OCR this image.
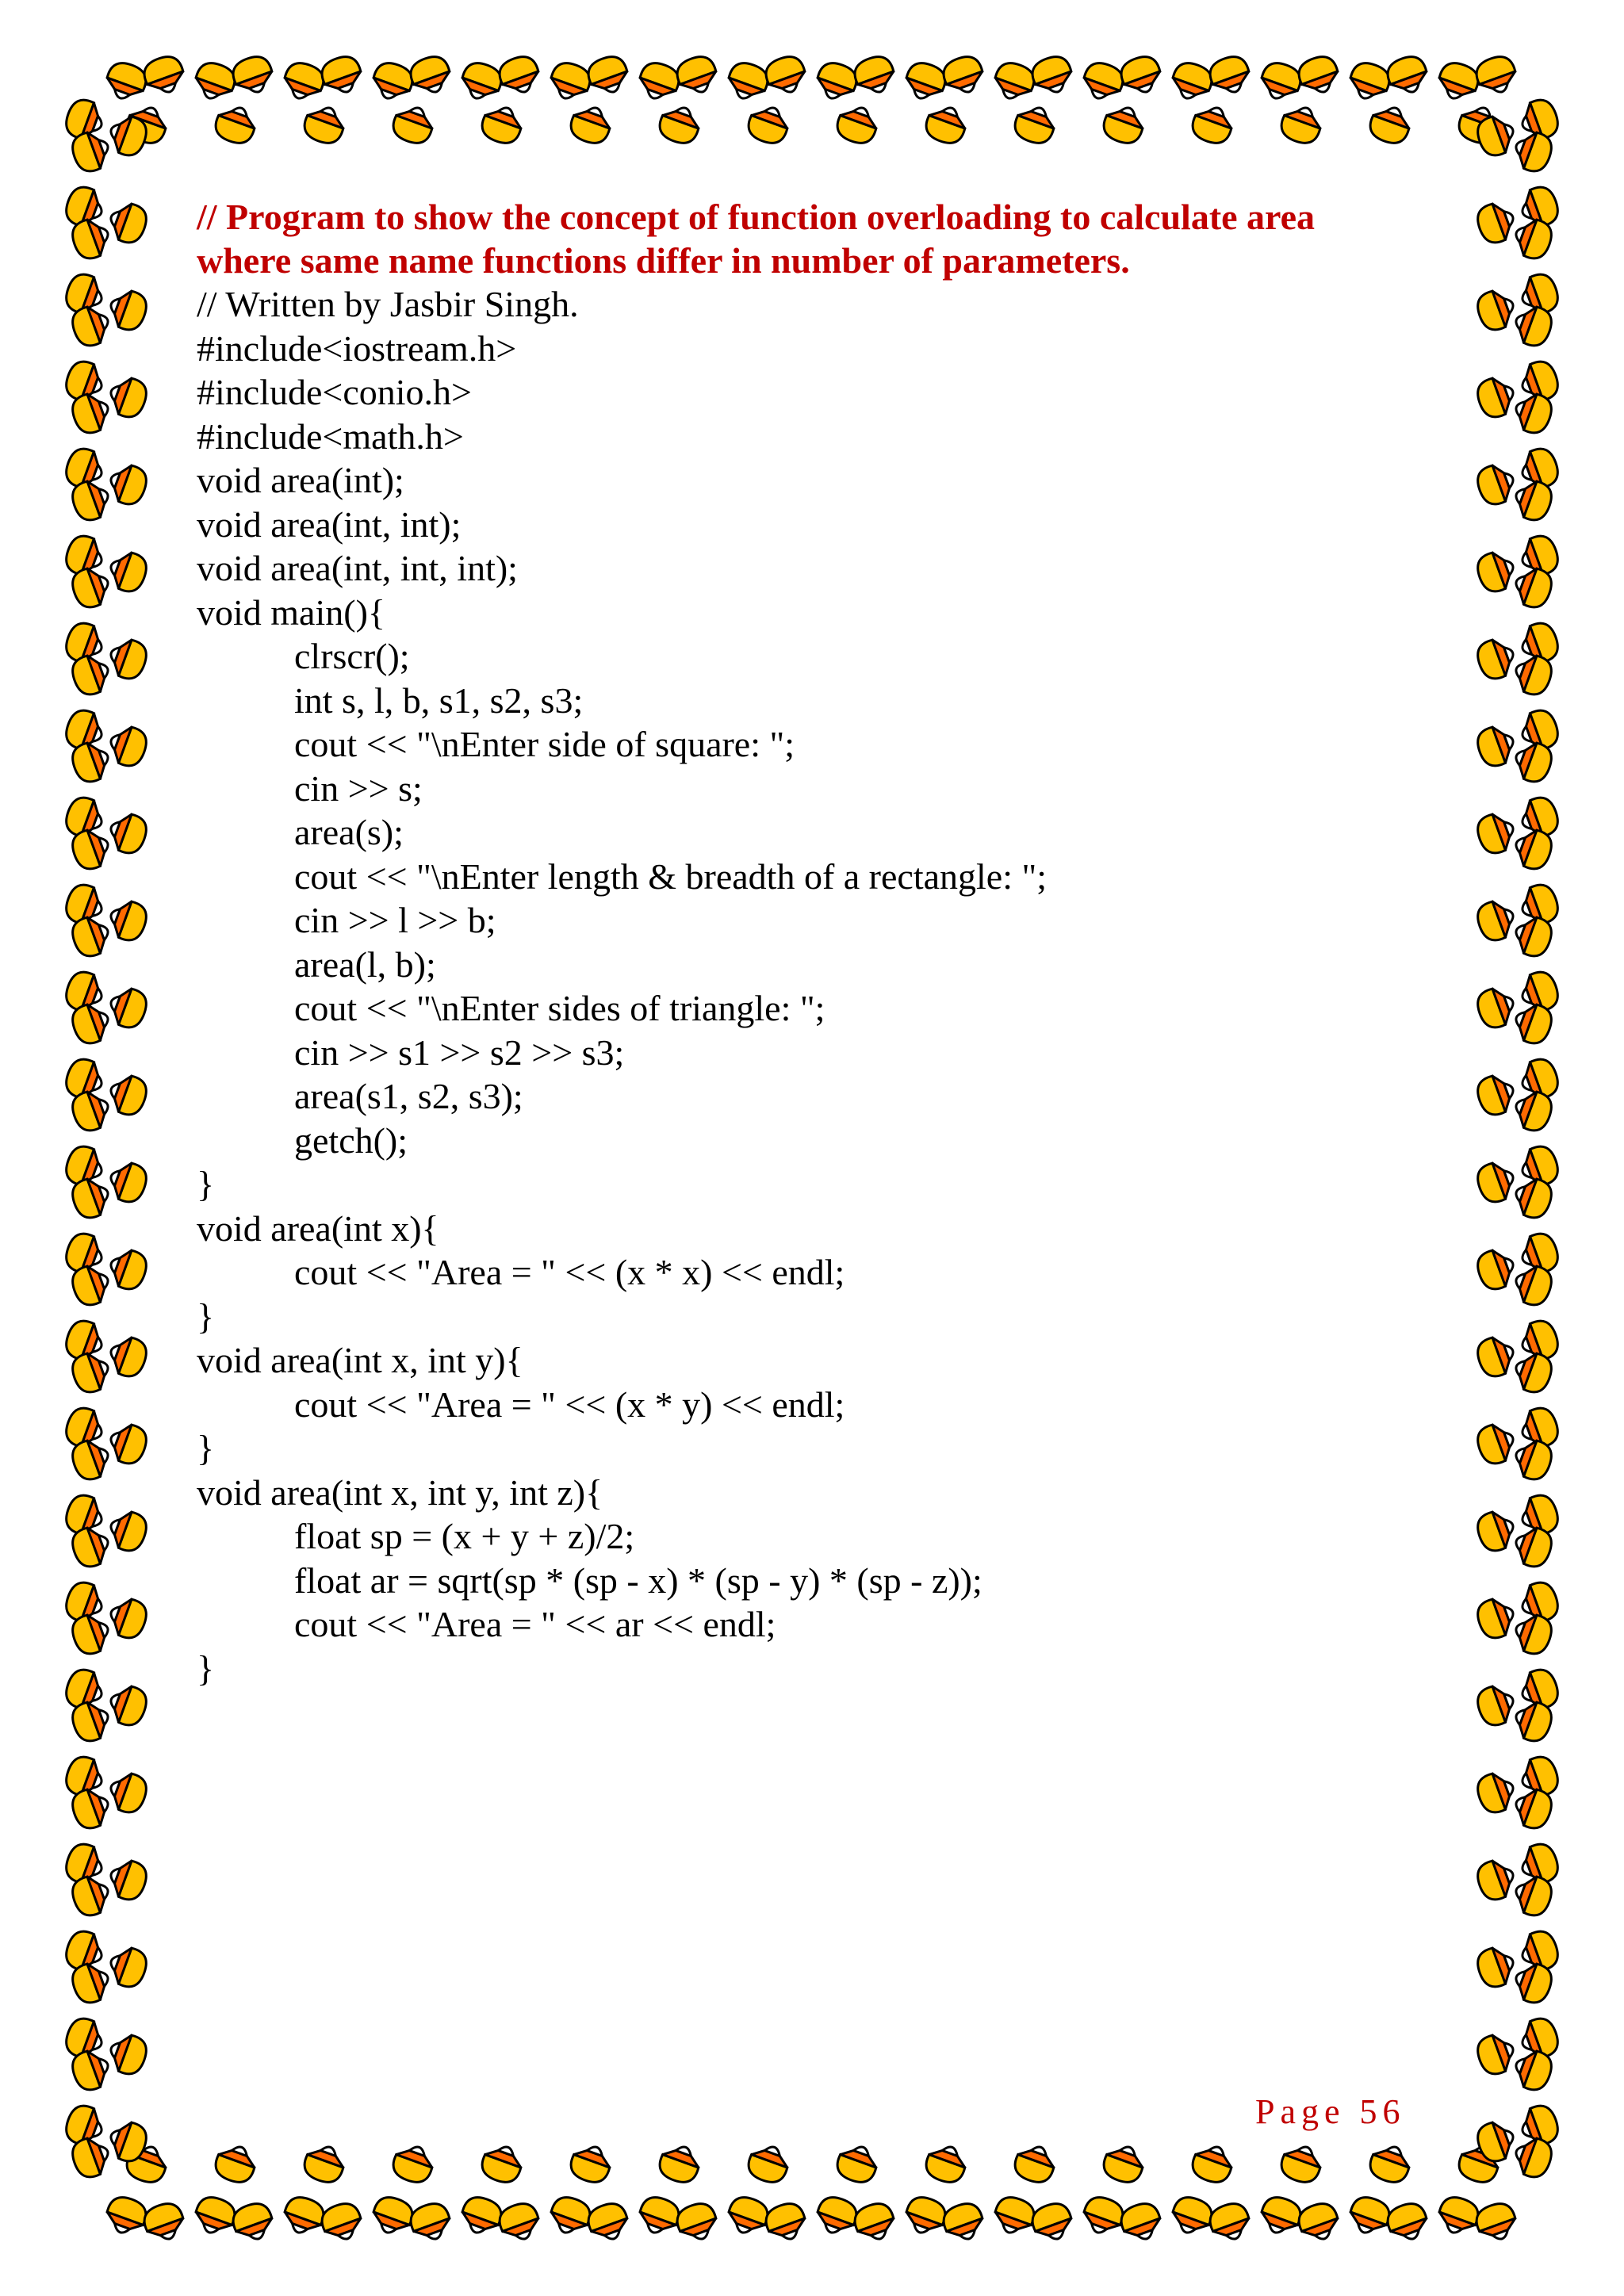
// Program to show the concept of function overloading to calculate area

where same name functions differ in number of parameters.

// Written by Jasbir Singh.

#include<iostream.h>

#include<conio.h>

#include<math.h>

void area(int);

void area(int, int);

void area(int, int, int);

void main(){

clrscr();

int s, l, b, s1, s2, s3;

cout << "\nEnter side of square: ";

cin >> s;

area(s);

cout << "\nEnter length & breadth of a rectangle: ";

cin >> l >> b;

area(l, b);

cout << "\nEnter sides of triangle: ";

cin >> s1 >> s2 >> s3;

area(s1, s2, s3);

getch();

}

void area(int x){

cout << "Area = " << (x * x) << endl;

}

void area(int x, int y){

cout << "Area = " << (x * y) << endl;

}

void area(int x, int y, int z){

float sp = (x + y + z)/2;

float ar = sqrt(sp * (sp - x) * (sp - y) * (sp - z));

cout << "Area = " << ar << endl;

}

Page 56
